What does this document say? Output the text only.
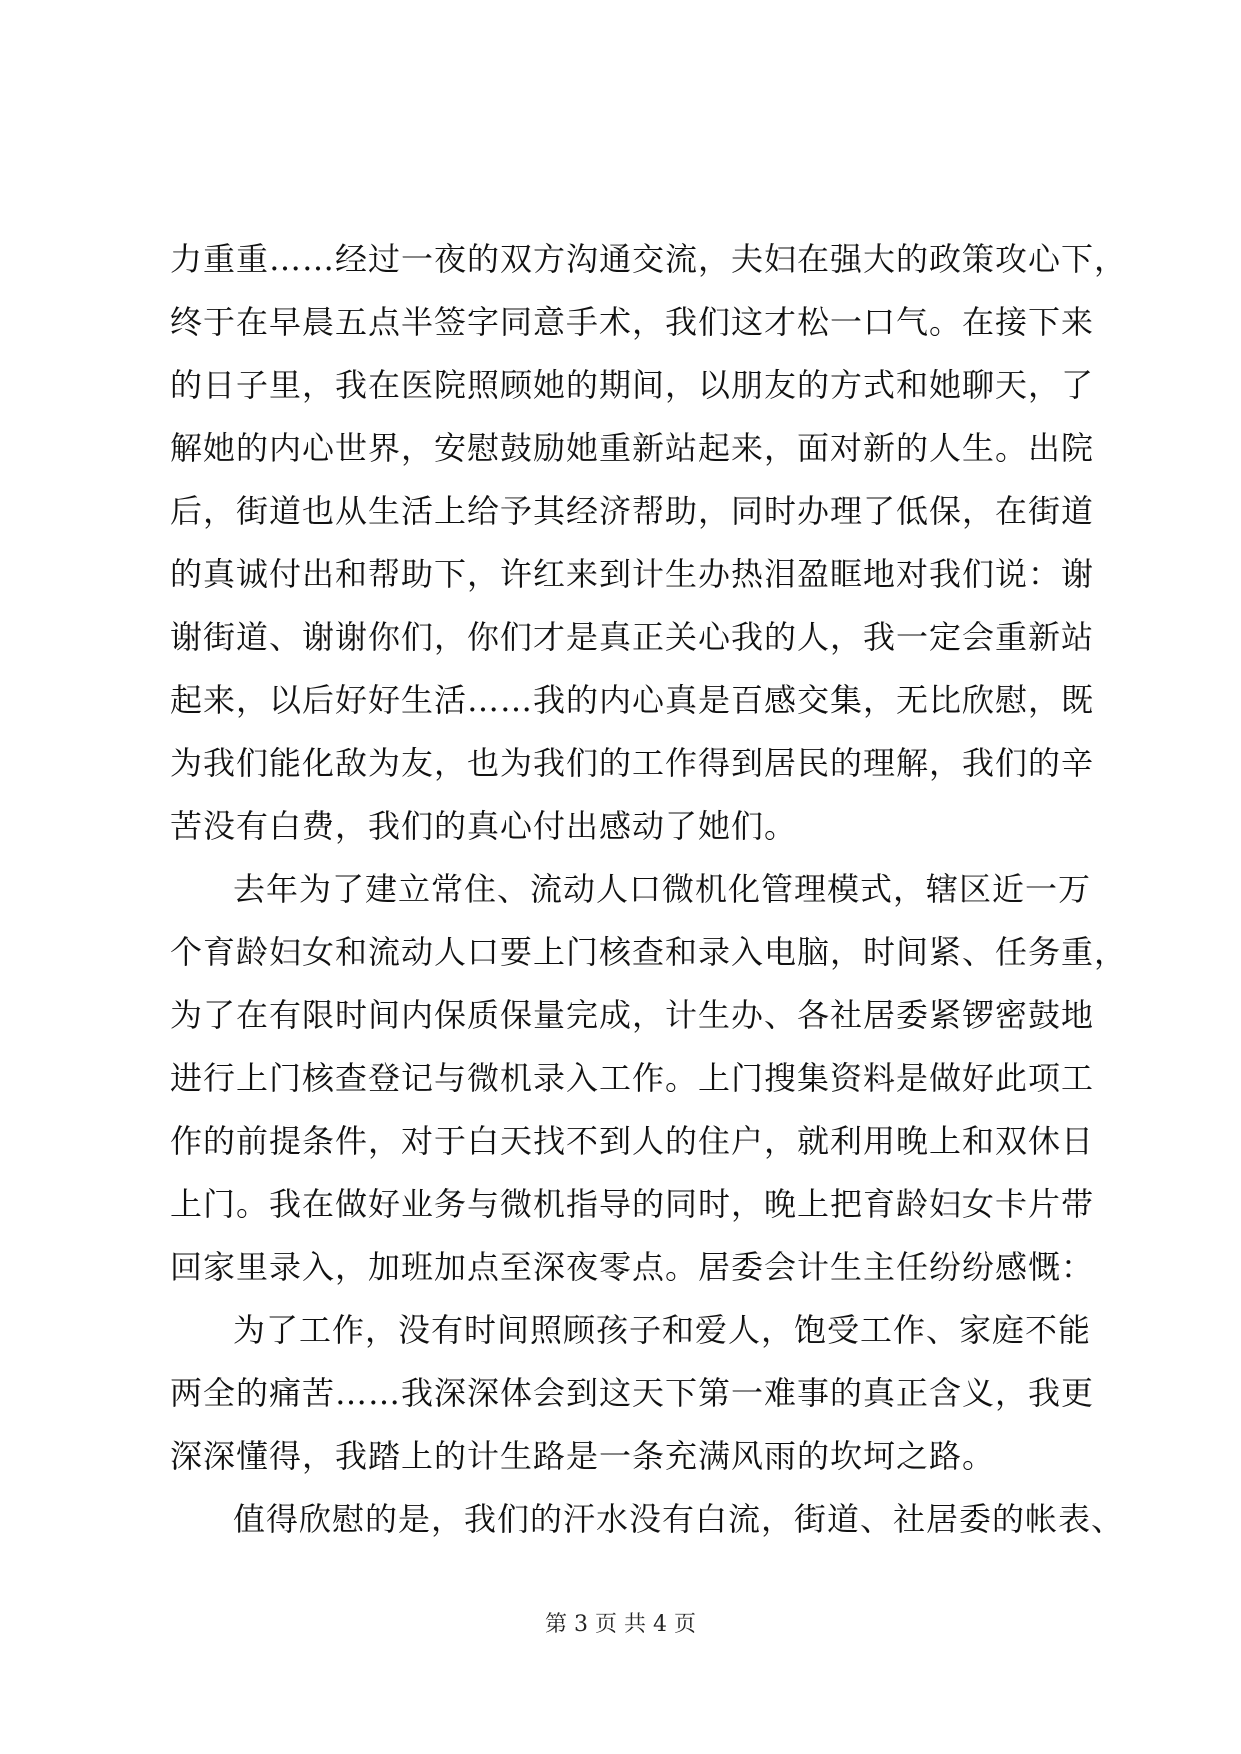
力重重……经过一夜的双方沟通交流，夫妇在强大的政策攻心下，
终于在早晨五点半签字同意手术，我们这才松一口气。在接下来
的日子里，我在医院照顾她的期间，以朋友的方式和她聊天，了
解她的内心世界，安慰鼓励她重新站起来，面对新的人生。出院
后，街道也从生活上给予其经济帮助，同时办理了低保，在街道
的真诚付出和帮助下，许红来到计生办热泪盈眶地对我们说：谢
谢街道、谢谢你们，你们才是真正关心我的人，我一定会重新站
起来，以后好好生活……我的内心真是百感交集，无比欣慰，既
为我们能化敌为友，也为我们的工作得到居民的理解，我们的辛
苦没有白费，我们的真心付出感动了她们。
去年为了建立常住、流动人口微机化管理模式，辖区近一万
个育龄妇女和流动人口要上门核查和录入电脑，时间紧、任务重，
为了在有限时间内保质保量完成，计生办、各社居委紧锣密鼓地
进行上门核查登记与微机录入工作。上门搜集资料是做好此项工
作的前提条件，对于白天找不到人的住户，就利用晚上和双休日
上门。我在做好业务与微机指导的同时，晚上把育龄妇女卡片带
回家里录入，加班加点至深夜零点。居委会计生主任纷纷感慨：
为了工作，没有时间照顾孩子和爱人，饱受工作、家庭不能
两全的痛苦……我深深体会到这天下第一难事的真正含义，我更
深深懂得，我踏上的计生路是一条充满风雨的坎坷之路。
值得欣慰的是，我们的汗水没有白流，街道、社居委的帐表、
第 3 页 共 4 页
